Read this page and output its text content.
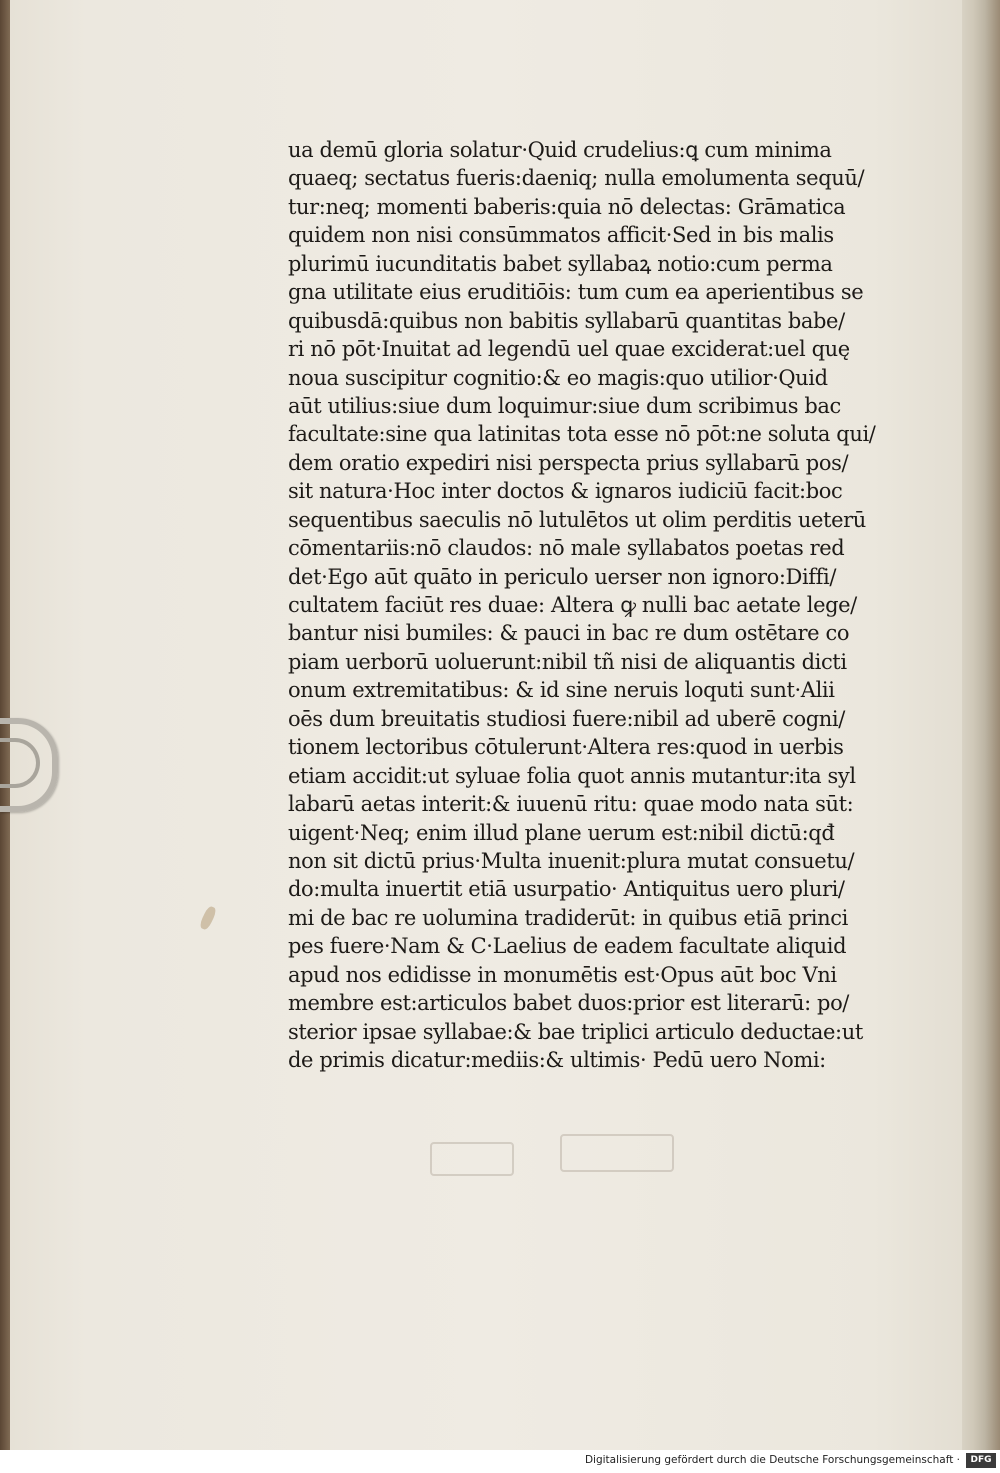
ua demū gloria solatur·Quid crudelius:ꝗ cum minima
quaeq; sectatus fueris:daeniq; nulla emolumenta sequū/
tur:neq; momenti baberis:quia nō delectas: Grāmatica
quidem non nisi consūmmatos afficit·Sed in bis malis
plurimū iucunditatis babet syllabaꝝ notio:cum perma
gna utilitate eius eruditiōis: tum cum ea aperientibus se
quibusdā:quibus non babitis syllabarū quantitas babe/
ri nō pōt·Inuitat ad legendū uel quae exciderat:uel quę
noua suscipitur cognitio:& eo magis:quo utilior·Quid
aūt utilius:siue dum loquimur:siue dum scribimus bac
facultate:sine qua latinitas tota esse nō pōt:ne soluta qui/
dem oratio expediri nisi perspecta prius syllabarū pos/
sit natura·Hoc inter doctos & ignaros iudiciū facit:boc
sequentibus saeculis nō lutulētos ut olim perditis ueterū
cōmentariis:nō claudos: nō male syllabatos poetas red
det·Ego aūt quāto in periculo uerser non ignoro:Diffi/
cultatem faciūt res duae: Altera ꝙ nulli bac aetate lege/
bantur nisi bumiles: & pauci in bac re dum ostētare co
piam uerborū uoluerunt:nibil tñ nisi de aliquantis dicti
onum extremitatibus: & id sine neruis loquti sunt·Alii
oēs dum breuitatis studiosi fuere:nibil ad uberē cogni/
tionem lectoribus cōtulerunt·Altera res:quod in uerbis
etiam accidit:ut syluae folia quot annis mutantur:ita syl
labarū aetas interit:& iuuenū ritu: quae modo nata sūt:
uigent·Neq; enim illud plane uerum est:nibil dictū:qđ
non sit dictū prius·Multa inuenit:plura mutat consuetu/
do:multa inuertit etiā usurpatio· Antiquitus uero pluri/
mi de bac re uolumina tradiderūt: in quibus etiā princi
pes fuere·Nam & C·Laelius de eadem facultate aliquid
apud nos edidisse in monumētis est·Opus aūt boc Vni
membre est:articulos babet duos:prior est literarū: po/
sterior ipsae syllabae:& bae triplici articulo deductae:ut
de primis dicatur:mediis:& ultimis· Pedū uero Nomi:
Digitalisierung gefördert durch die Deutsche Forschungsgemeinschaft ·	DFG
